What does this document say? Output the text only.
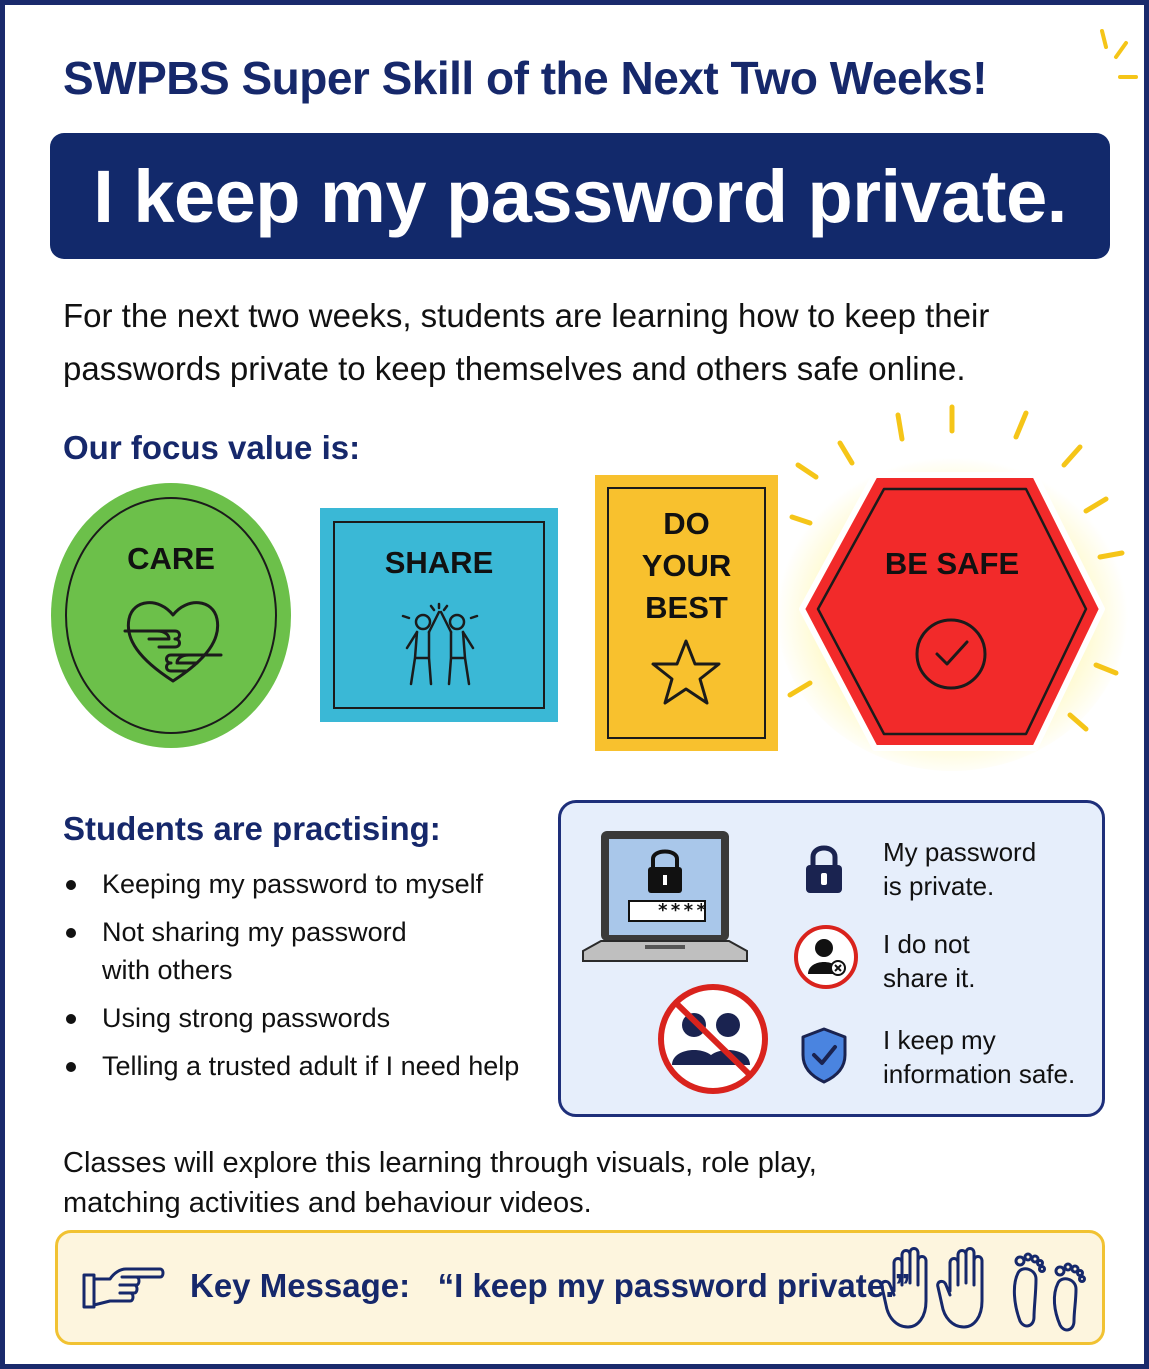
SWPBS Super Skill of the Next Two Weeks!
I keep my password private.
For the next two weeks, students are learning how to keep their
passwords private to keep themselves and others safe online.
Our focus value is:
CARE	SHARE
DO
YOUR
BEST
BE SAFE
Students are practising:
Keeping my password to myself
Not sharing my password
with others
Using strong passwords
Telling a trusted adult if I need help
****
My password
is private.
I do not
share it.
I keep my
information safe.
Classes will explore this learning through visuals, role play,
matching activities and behaviour videos.
Key Message:   “I keep my password private.”
